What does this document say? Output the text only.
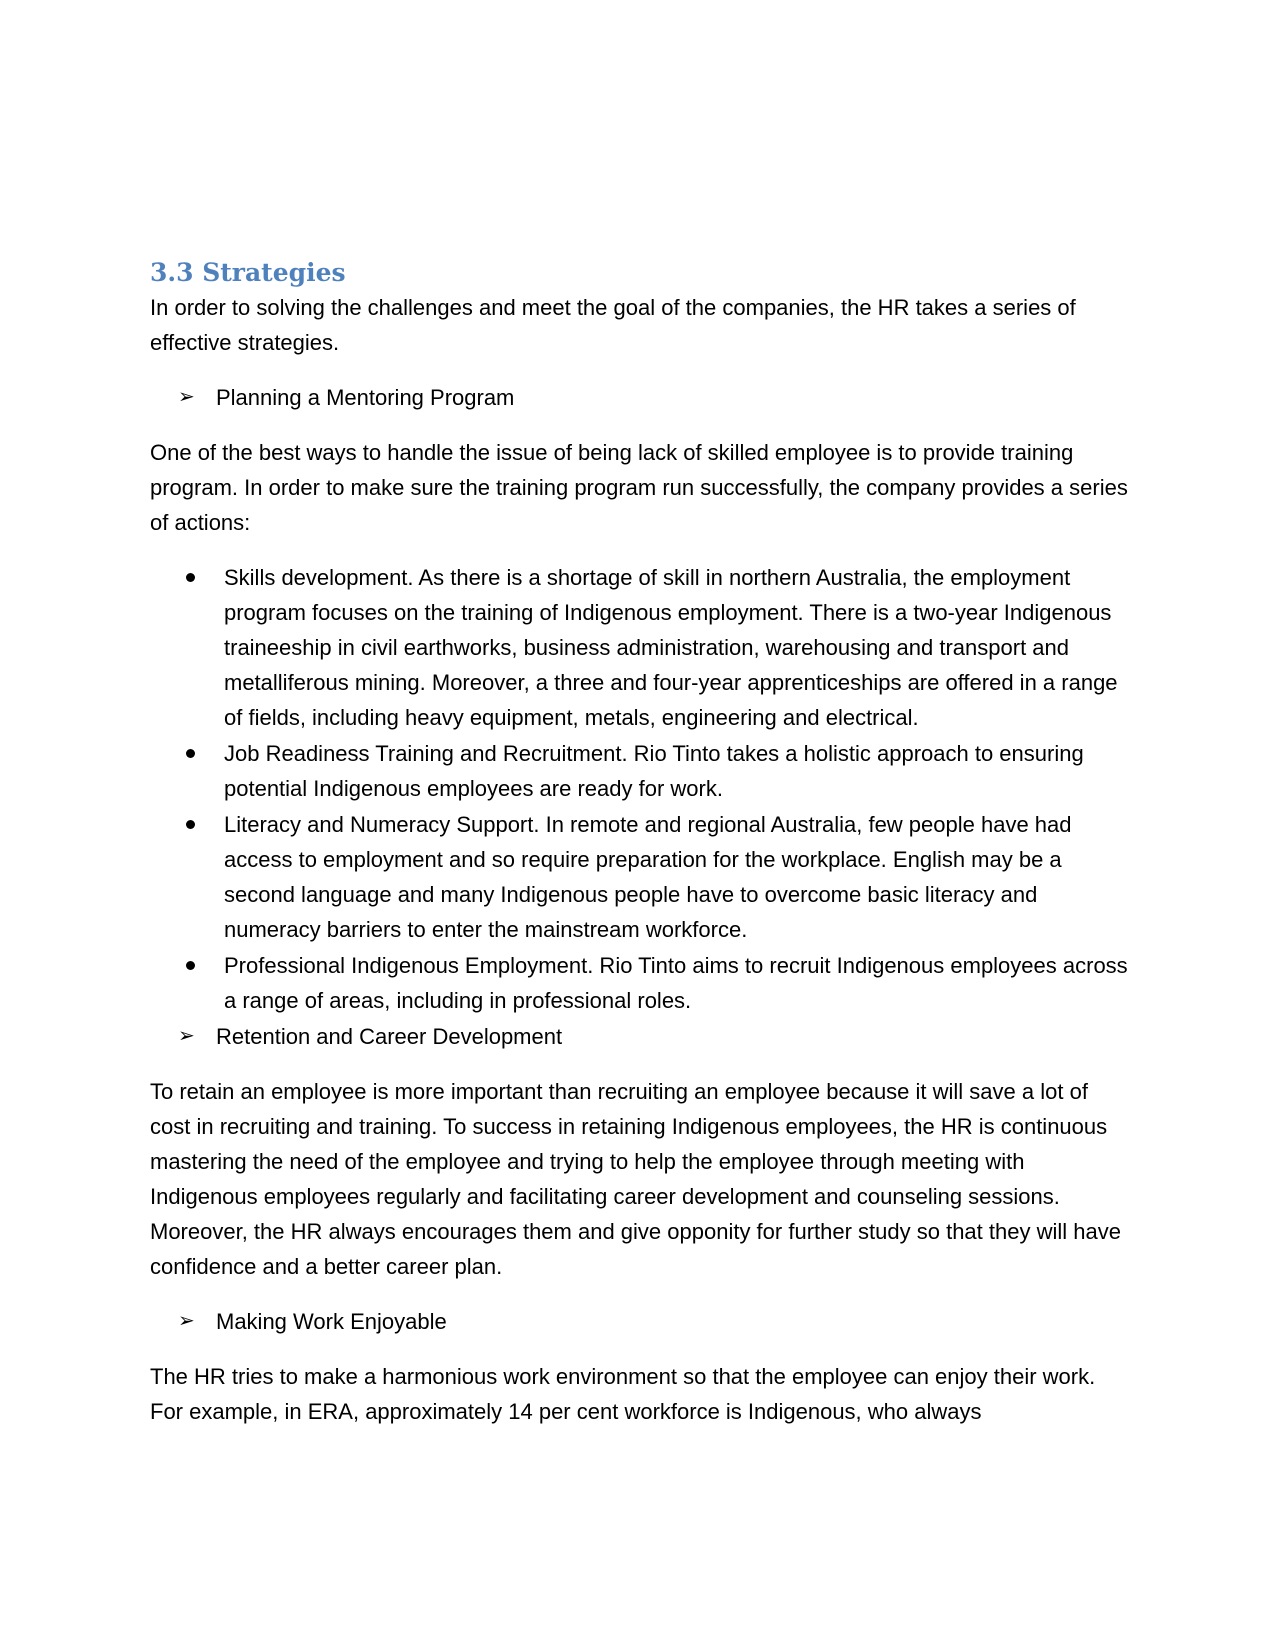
3.3 Strategies

In order to solving the challenges and meet the goal of the companies, the HR takes a series of effective strategies.

➢ Planning a Mentoring Program

One of the best ways to handle the issue of being lack of skilled employee is to provide training program. In order to make sure the training program run successfully, the company provides a series of actions:

Skills development. As there is a shortage of skill in northern Australia, the employment program focuses on the training of Indigenous employment. There is a two-year Indigenous traineeship in civil earthworks, business administration, warehousing and transport and metalliferous mining. Moreover, a three and four-year apprenticeships are offered in a range of fields, including heavy equipment, metals, engineering and electrical.
Job Readiness Training and Recruitment. Rio Tinto takes a holistic approach to ensuring potential Indigenous employees are ready for work.
Literacy and Numeracy Support. In remote and regional Australia, few people have had access to employment and so require preparation for the workplace. English may be a second language and many Indigenous people have to overcome basic literacy and numeracy barriers to enter the mainstream workforce.
Professional Indigenous Employment. Rio Tinto aims to recruit Indigenous employees across a range of areas, including in professional roles.
➢ Retention and Career Development

To retain an employee is more important than recruiting an employee because it will save a lot of cost in recruiting and training. To success in retaining Indigenous employees, the HR is continuous mastering the need of the employee and trying to help the employee through meeting with Indigenous employees regularly and facilitating career development and counseling sessions. Moreover, the HR always encourages them and give opponity for further study so that they will have confidence and a better career plan.

➢ Making Work Enjoyable

The HR tries to make a harmonious work environment so that the employee can enjoy their work. For example, in ERA, approximately 14 per cent workforce is Indigenous, who always
